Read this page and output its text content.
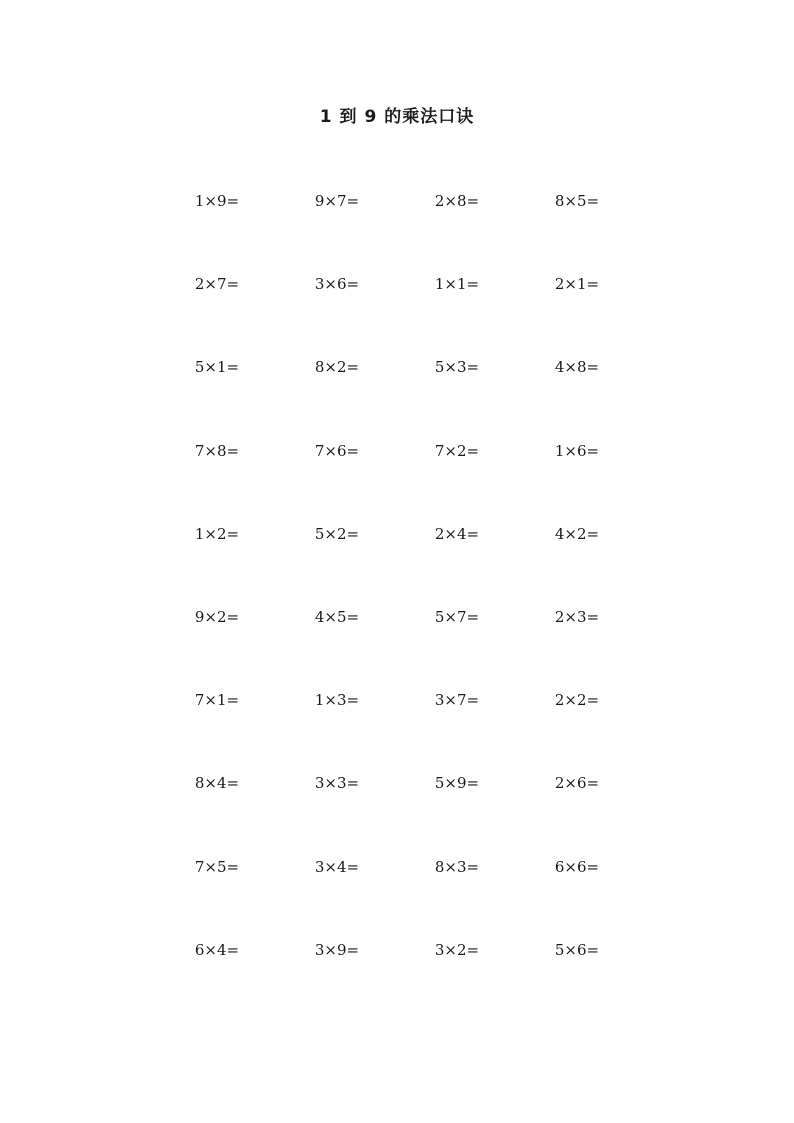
1 到 9 的乘法口诀
1×9=	9×7=	2×8=	8×5=
2×7=	3×6=	1×1=	2×1=
5×1=	8×2=	5×3=	4×8=
7×8=	7×6=	7×2=	1×6=
1×2=	5×2=	2×4=	4×2=
9×2=	4×5=	5×7=	2×3=
7×1=	1×3=	3×7=	2×2=
8×4=	3×3=	5×9=	2×6=
7×5=	3×4=	8×3=	6×6=
6×4=	3×9=	3×2=	5×6=
